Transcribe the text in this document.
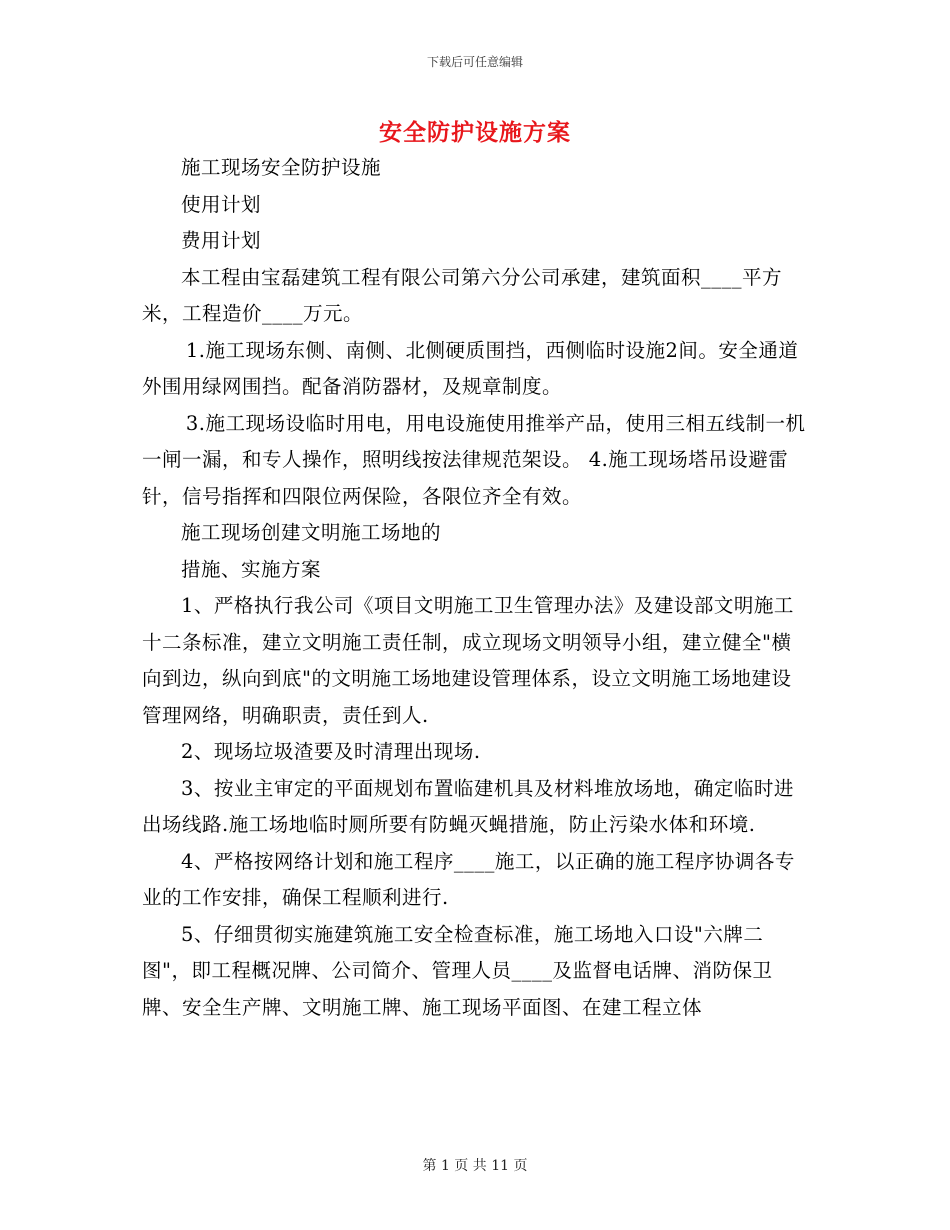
下载后可任意编辑
安全防护设施方案

施工现场安全防护设施

使用计划

费用计划

本工程由宝磊建筑工程有限公司第六分公司承建，建筑面积____平方米，工程造价____万元。

1.施工现场东侧、南侧、北侧硬质围挡，西侧临时设施2间。安全通道外围用绿网围挡。配备消防器材，及规章制度。

3.施工现场设临时用电，用电设施使用推举产品，使用三相五线制一机一闸一漏，和专人操作，照明线按法律规范架设。 4.施工现场塔吊设避雷针，信号指挥和四限位两保险，各限位齐全有效。

施工现场创建文明施工场地的

措施、实施方案

1、严格执行我公司《项目文明施工卫生管理办法》及建设部文明施工十二条标准，建立文明施工责任制，成立现场文明领导小组，建立健全"横向到边，纵向到底"的文明施工场地建设管理体系，设立文明施工场地建设管理网络，明确职责，责任到人.

2、现场垃圾渣要及时清理出现场.

3、按业主审定的平面规划布置临建机具及材料堆放场地，确定临时进出场线路.施工场地临时厕所要有防蝇灭蝇措施，防止污染水体和环境.

4、严格按网络计划和施工程序____施工，以正确的施工程序协调各专业的工作安排，确保工程顺利进行.

5、仔细贯彻实施建筑施工安全检查标准，施工场地入口设"六牌二图"，即工程概况牌、公司简介、管理人员____及监督电话牌、消防保卫牌、安全生产牌、文明施工牌、施工现场平面图、在建工程立体

第 1 页 共 11 页
